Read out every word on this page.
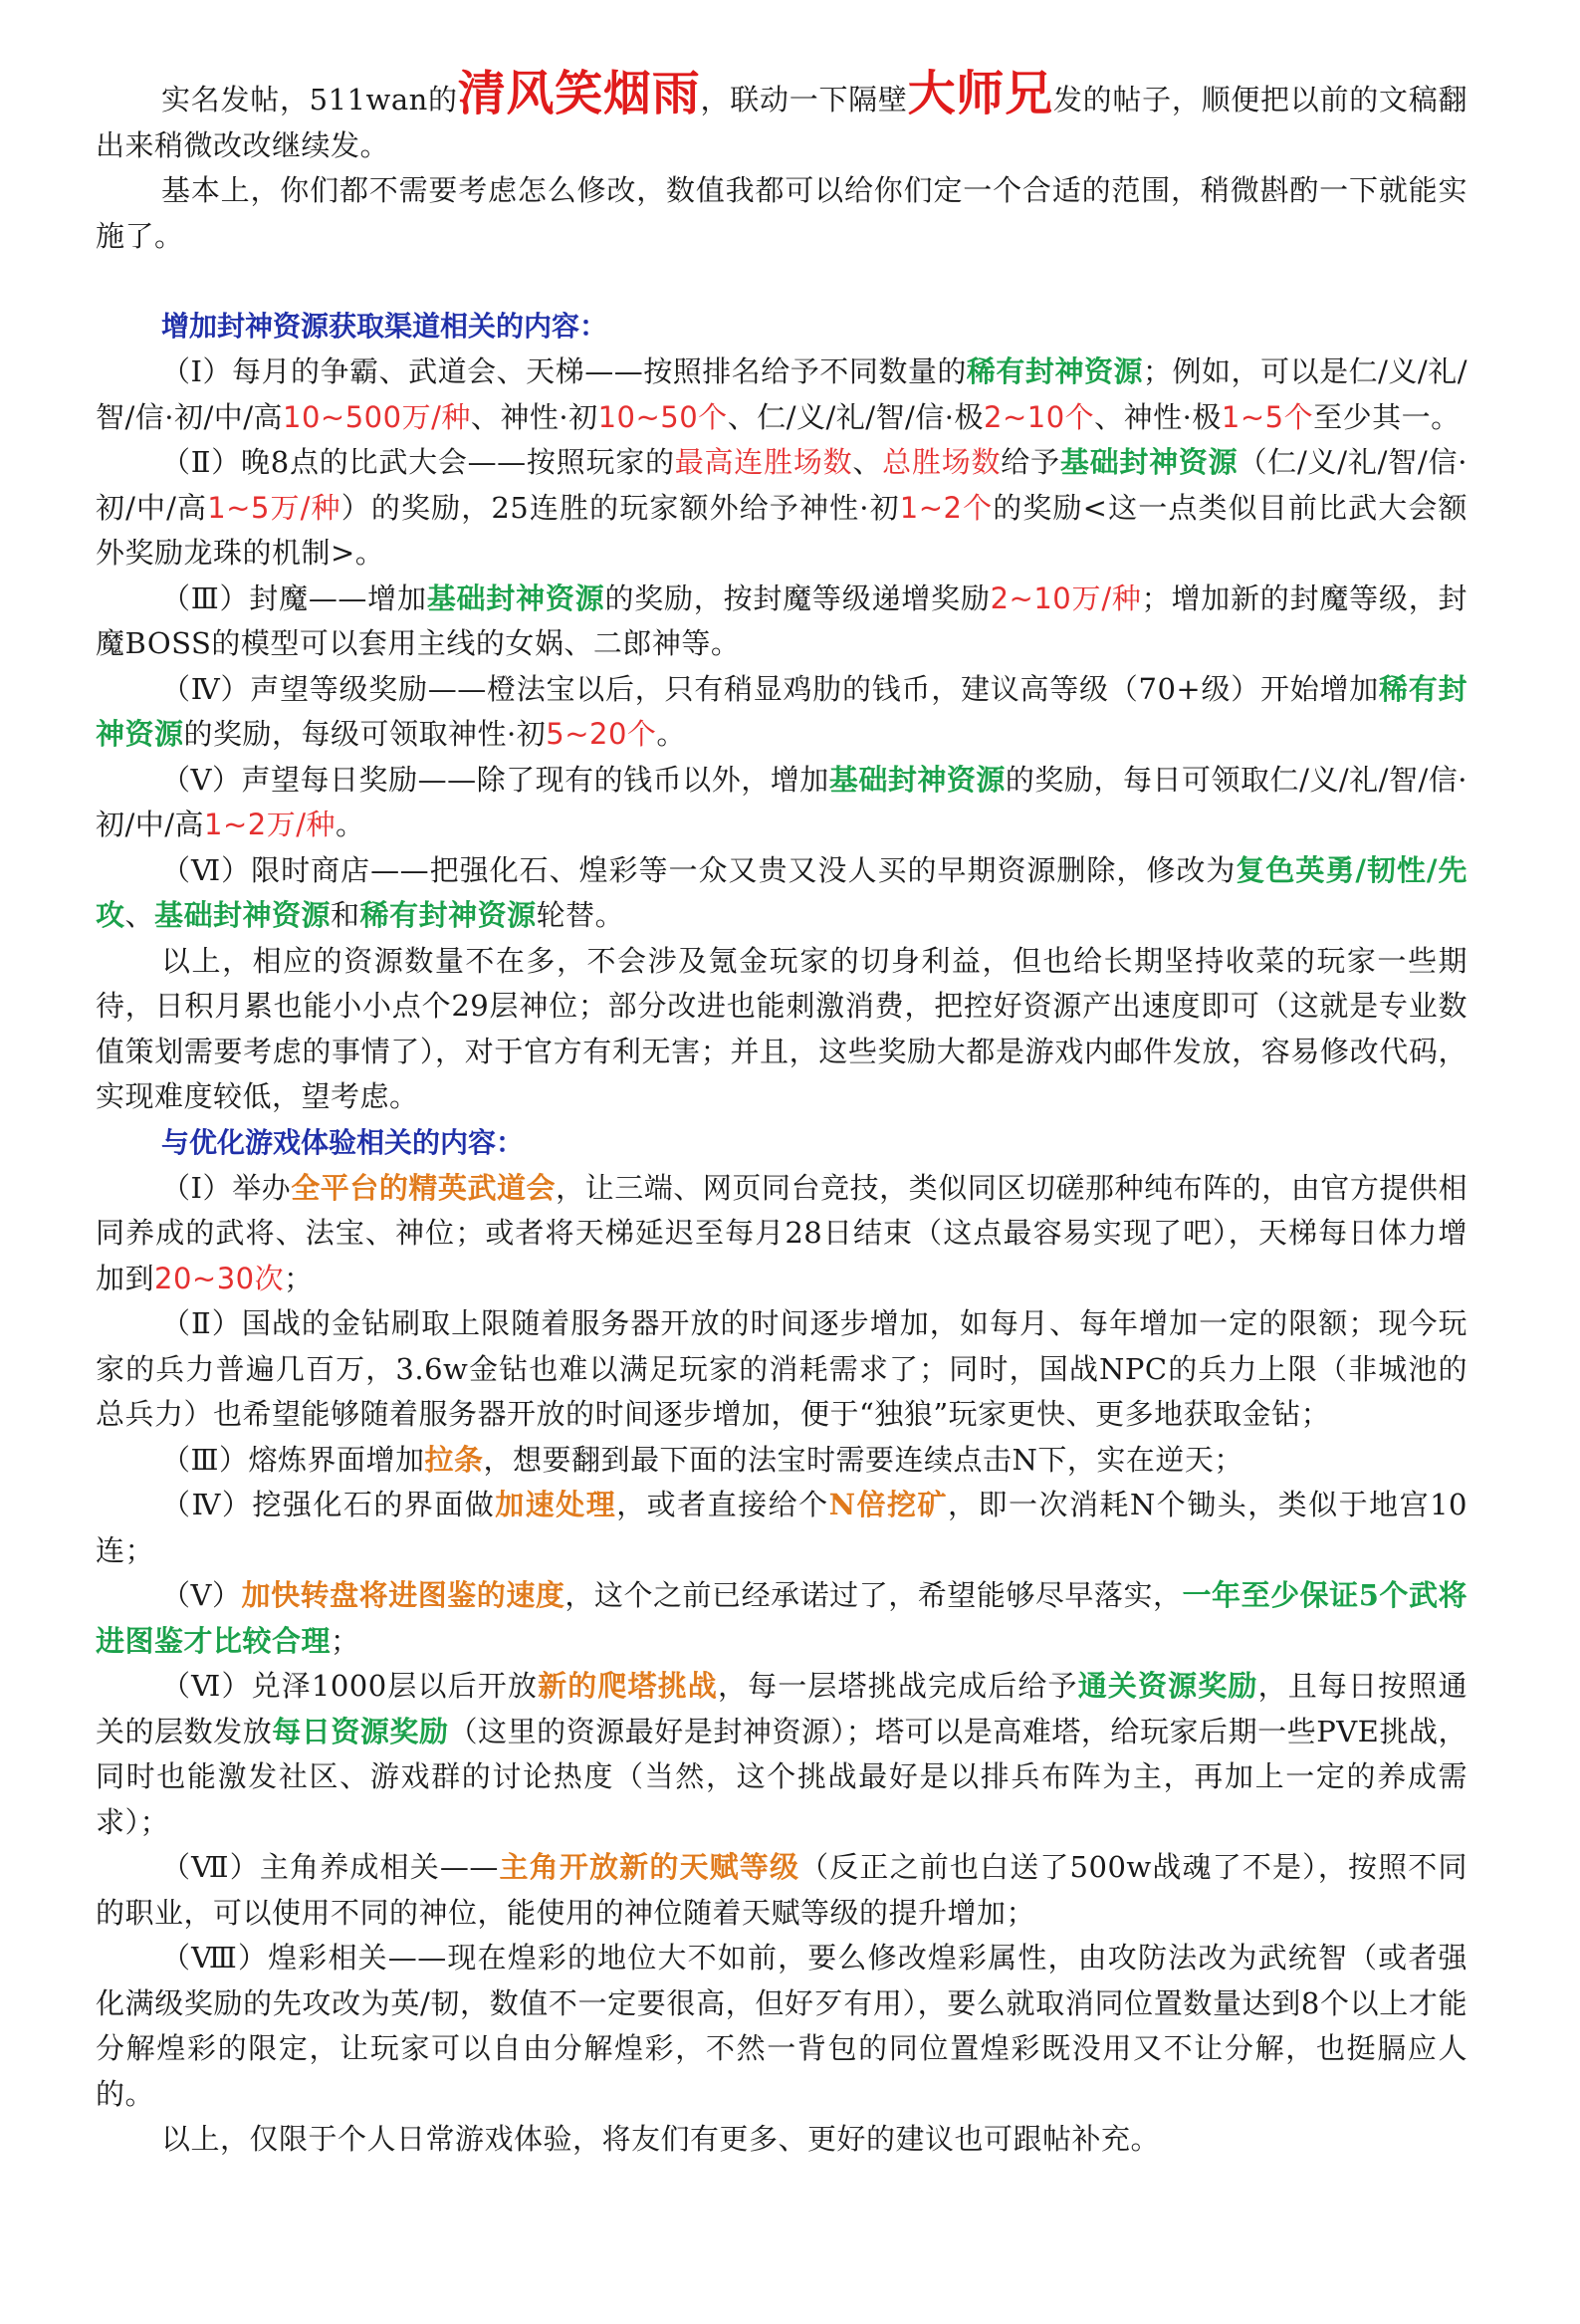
实名发帖，511wan的清风笑烟雨，联动一下隔壁大师兄发的帖子，顺便把以前的文稿翻出来稍微改改继续发。

基本上，你们都不需要考虑怎么修改，数值我都可以给你们定一个合适的范围，稍微斟酌一下就能实施了。

增加封神资源获取渠道相关的内容：

（Ⅰ）每月的争霸、武道会、天梯——按照排名给予不同数量的稀有封神资源；例如，可以是仁/义/礼/智/信·初/中/高10~500万/种、神性·初10~50个、仁/义/礼/智/信·极2~10个、神性·极1~5个至少其一。

（Ⅱ）晚8点的比武大会——按照玩家的最高连胜场数、总胜场数给予基础封神资源（仁/义/礼/智/信·初/中/高1~5万/种）的奖励，25连胜的玩家额外给予神性·初1~2个的奖励<这一点类似目前比武大会额外奖励龙珠的机制>。

（Ⅲ）封魔——增加基础封神资源的奖励，按封魔等级递增奖励2~10万/种；增加新的封魔等级，封魔BOSS的模型可以套用主线的女娲、二郎神等。

（Ⅳ）声望等级奖励——橙法宝以后，只有稍显鸡肋的钱币，建议高等级（70+级）开始增加稀有封神资源的奖励，每级可领取神性·初5~20个。

（Ⅴ）声望每日奖励——除了现有的钱币以外，增加基础封神资源的奖励，每日可领取仁/义/礼/智/信·初/中/高1~2万/种。

（Ⅵ）限时商店——把强化石、煌彩等一众又贵又没人买的早期资源删除，修改为复色英勇/韧性/先攻、基础封神资源和稀有封神资源轮替。

以上，相应的资源数量不在多，不会涉及氪金玩家的切身利益，但也给长期坚持收菜的玩家一些期待，日积月累也能小小点个29层神位；部分改进也能刺激消费，把控好资源产出速度即可（这就是专业数值策划需要考虑的事情了），对于官方有利无害；并且，这些奖励大都是游戏内邮件发放，容易修改代码，实现难度较低，望考虑。

与优化游戏体验相关的内容：

（Ⅰ）举办全平台的精英武道会，让三端、网页同台竞技，类似同区切磋那种纯布阵的，由官方提供相同养成的武将、法宝、神位；或者将天梯延迟至每月28日结束（这点最容易实现了吧），天梯每日体力增加到20~30次；

（Ⅱ）国战的金钻刷取上限随着服务器开放的时间逐步增加，如每月、每年增加一定的限额；现今玩家的兵力普遍几百万，3.6w金钻也难以满足玩家的消耗需求了；同时，国战NPC的兵力上限（非城池的总兵力）也希望能够随着服务器开放的时间逐步增加，便于“独狼”玩家更快、更多地获取金钻；

（Ⅲ）熔炼界面增加拉条，想要翻到最下面的法宝时需要连续点击N下，实在逆天；

（Ⅳ）挖强化石的界面做加速处理，或者直接给个N倍挖矿，即一次消耗N个锄头，类似于地宫10连；

（Ⅴ）加快转盘将进图鉴的速度，这个之前已经承诺过了，希望能够尽早落实，一年至少保证5个武将进图鉴才比较合理；

（Ⅵ）兑泽1000层以后开放新的爬塔挑战，每一层塔挑战完成后给予通关资源奖励，且每日按照通关的层数发放每日资源奖励（这里的资源最好是封神资源）；塔可以是高难塔，给玩家后期一些PVE挑战，同时也能激发社区、游戏群的讨论热度（当然，这个挑战最好是以排兵布阵为主，再加上一定的养成需求）；

（Ⅶ）主角养成相关——主角开放新的天赋等级（反正之前也白送了500w战魂了不是），按照不同的职业，可以使用不同的神位，能使用的神位随着天赋等级的提升增加；

（Ⅷ）煌彩相关——现在煌彩的地位大不如前，要么修改煌彩属性，由攻防法改为武统智（或者强化满级奖励的先攻改为英/韧，数值不一定要很高，但好歹有用），要么就取消同位置数量达到8个以上才能分解煌彩的限定，让玩家可以自由分解煌彩，不然一背包的同位置煌彩既没用又不让分解，也挺膈应人的。

以上，仅限于个人日常游戏体验，将友们有更多、更好的建议也可跟帖补充。
